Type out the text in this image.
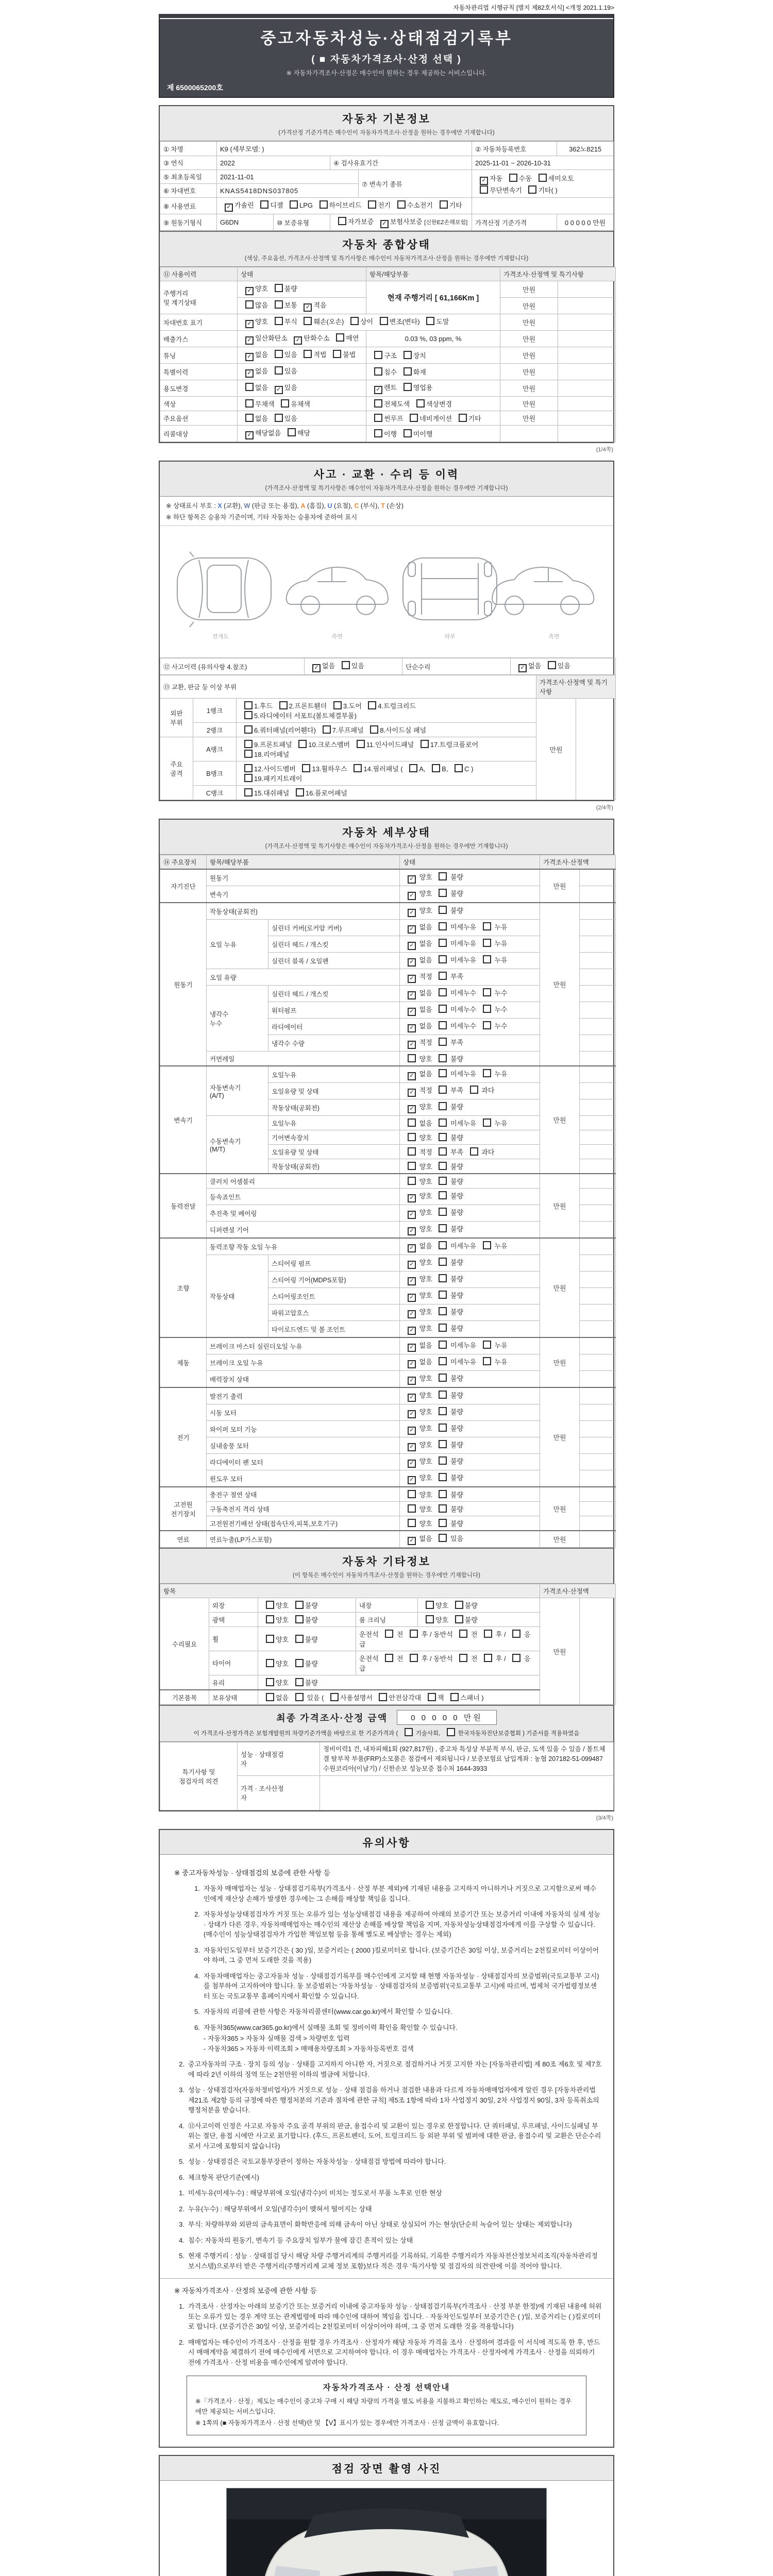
자동차관리법 시행규칙 [별지 제82호서식] <개정 2021.1.19>
중고자동차성능·상태점검기록부
( ■ 자동차가격조사·산정 선택 )
※ 자동차가격조사·산정은 매수인이 원하는 경우 제공하는 서비스입니다.
제 6500065200호
자동차 기본정보
(가격산정 기준가격은 매수인이 자동차가격조사·산정을 원하는 경우에만 기재합니다)
① 차명	K9 (세부모델: )				② 자동차등록번호	362노8215
③ 연식	2022		④ 검사유효기간		2025-11-01 ~ 2026-10-31	
⑤ 최초등록일	2021-11-01			⑦ 변속기 종류	✓ 자동 수동 세미오토
무단변속기 기타( )	

⑥ 차대번호	KNAS5418DNS037805					
⑧ 사용연료	✓ 가솔린 디젤 LPG 하이브리드 전기 수소전기 기타					
⑨ 원동기형식	G6DN	⑩ 보증유형	자가보증 ✓ 보험사보증 [신한EZ손해보험]		가격산정 기준가격	0 0 0 0 0 만원
자동차 종합상태
(색상, 주요옵션, 가격조사·산정액 및 특기사항은 매수인이 자동차가격조사·산정을 원하는 경우에만 기재합니다)
⑪ 사용이력	상태	항목/해당부품	가격조사·산정액 및 특기사항	
주행거리
및 계기상태	✓ 양호 불량	현재 주행거리 [ 61,166Km ]	만원	
	많음 보통 ✓ 적음		만원	
차대번호 표기	✓ 양호 부식 훼손(오손) 상이 변조(변타) 도말		만원	
배출가스	✓ 일산화탄소 ✓ 탄화수소 매연	0.03 %, 03 ppm, %	만원	
튜닝	✓ 없음 있음 적법 불법	구조 장치	만원	
특별이력	✓ 없음 있음	침수 화재	만원	
용도변경	없음 ✓ 있음	✓ 렌트 영업용	만원	
색상	무채색 유채색	전체도색 색상변경	만원	
주요옵션	없음 있음	썬루프 네비게이션 기타	만원	
리콜대상	✓ 해당없음 해당	이행 미이행		
(1/4쪽)
사고 · 교환 · 수리 등 이력
(가격조사·산정액 및 특기사항은 매수인이 자동차가격조사·산정을 원하는 경우에만 기재합니다)
※ 상태표시 부호 : X (교환), W (판금 또는 용접), A (흠집), U (요철), C (부식), T (손상)
※ 하단 항목은 승용차 기준이며, 기타 자동차는 승용차에 준하여 표시
전개도	측면	하부	측면
⑫ 사고이력 (유의사항 4.참조)	✓ 없음 있음	단순수리	✓ 없음 있음
⑬ 교환, 판금 등 이상 부위			가격조사·산정액 및 특기사항	
외판
부위	1랭크	1.후드 2.프론트휀더 3.도어 4.트렁크리드
5.라디에이터 서포트(볼트체결부품)	만원	
	2랭크	6.쿼터패널(리어휀다) 7.루프패널 8.사이드실 패널		
주요
골격	A랭크	9.프론트패널 10.크로스멤버 11.인사이드패널 17.트렁크플로어
18.리어패널		
	B랭크	12.사이드멤버 13.휠하우스 14.필러패널 ( A, B, C )
19.패키지트레이		
	C랭크	15.대쉬패널 16.플로어패널		
(2/4쪽)
자동차 세부상태
(가격조사·산정액 및 특기사항은 매수인이 자동차가격조사·산정을 원하는 경우에만 기재합니다)
⑭ 주요장치	항목/해당부품		상태	가격조사·산정액	
자기진단	원동기		✓ 양호  불량	만원	
	변속기		✓ 양호  불량		
원동기	작동상태(공회전)		✓ 양호  불량	만원	
	오일 누유	실린더 커버(로커암 커버)	✓ 없음  미세누유  누유		
		실린더 헤드 / 개스킷	✓ 없음  미세누유  누유		
		실린더 블록 / 오일팬	✓ 없음  미세누유  누유		
	오일 유량		✓ 적정  부족		
	냉각수
누수	실린더 헤드 / 개스킷	✓ 없음  미세누수  누수		
		워터펌프	✓ 없음  미세누수  누수		
		라디에이터	✓ 없음  미세누수  누수		
		냉각수 수량	✓ 적정  부족		
	커먼레일		양호  불량		
변속기	자동변속기
(A/T)	오일누유	✓ 없음  미세누유  누유	만원	
		오일유량 및 상태	✓ 적정  부족  과다		
		작동상태(공회전)	✓ 양호  불량		
	수동변속기
(M/T)	오일누유	없음  미세누유  누유		
		기어변속장치	양호  불량		
		오일유량 및 상태	적정  부족  과다		
		작동상태(공회전)	양호  불량		
동력전달	클러치 어셈블리		양호  불량	만원	
	등속죠인트		✓ 양호  불량		
	추진축 및 베어링		✓ 양호  불량		
	디퍼렌셜 기어		✓ 양호  불량		
조향	동력조향 작동 오일 누유		✓ 없음  미세누유  누유	만원	
	작동상태	스티어링 펌프	✓ 양호  불량		
		스티어링 기어(MDPS포함)	✓ 양호  불량		
		스티어링조인트	✓ 양호  불량		
		파워고압호스	✓ 양호  불량		
		타이로드엔드 및 볼 조인트	✓ 양호  불량		
제동	브레이크 마스터 실린더오일 누유		✓ 없음  미세누유  누유	만원	
	브레이크 오일 누유		✓ 없음  미세누유  누유		
	배력장치 상태		✓ 양호  불량		
전기	발전기 출력		✓ 양호  불량	만원	
	시동 모터		✓ 양호  불량		
	와이퍼 모터 기능		✓ 양호  불량		
	실내송풍 모터		✓ 양호  불량		
	라디에이터 팬 모터		✓ 양호  불량		
	윈도우 모터		✓ 양호  불량		
고전원
전기장치	충전구 절연 상태		양호  불량	만원	
	구동축전지 격리 상태		양호  불량		
	고전원전기배선 상태(접속단자,피복,보호기구)		양호  불량		
연료	연료누출(LP가스포함)		✓ 없음  있음	만원	
자동차 기타정보
(이 항목은 매수인이 자동차가격조사·산정을 원하는 경우에만 기재합니다)
항목					가격조사·산정액	
수리필요	외장	양호 불량	내장	양호 불량	만원	
	광택	양호 불량	룸 크리닝	양호 불량		
	휠	양호 불량	운전석  전  후 / 동반석  전  후 /  응급			
	타이어	양호 불량	운전석  전  후 / 동반석  전  후 /  응급			
	유리	양호 불량				
기본품목	보유상태	없음  있음 ( 사용설명서 안전삼각대 잭 스패너 )				
최종 가격조사·산정 금액	0 0 0 0 0 만원
이 가격조사·산정가격은 보험개발원의 차량기준가액을 바탕으로 한 기준가격과 (  기술사회,  한국자동차진단보증협회 ) 기준서를 적용하였음
특기사항 및
점검자의 의견	성능 · 상태점검
자	정비이력1 건, 내차피해1회 (927,817원) , 중고차 특성상 부분적 부식, 판금, 도색 있을 수 있음 / 볼트체결 탈부착 부품(FRP)소모품은 점검에서 제외됩니다 / 보증보험료 납입계좌 : 농협 207182-51-099487 수원코리아(이남기) / 신한손보 성능보증 접수처 1644-3933
	가격 · 조사산정
자	
(3/4쪽)
유의사항
※ 중고자동차성능 · 상태점검의 보증에 관한 사항 등
1. 자동차 매매업자는 성능 · 상태점검기록부(가격조사 · 산정 부분 제외)에 기재된 내용을 고지하지 아니하거나 거짓으로 고지함으로써 매수인에게 재산상 손해가 발생한 경우에는 그 손해를 배상할 책임을 집니다.
2. 자동차성능상태점검자가 거짓 또는 오류가 있는 성능상태점검 내용을 제공하여 아래의 보증기간 또는 보증거리 이내에 자동차의 실제 성능 · 상태가 다른 경우, 자동차매매업자는 매수인의 재산상 손해를 배상할 책임을 지며, 자동차성능상태점검자에게 이를 구상할 수 있습니다.(매수인이 성능상태점검자가 가입한 책임보험 등을 통해 별도로 배상받는 경우는 제외)
3. 자동차인도일부터 보증기간은 ( 30 )일, 보증거리는 ( 2000 )킬로미터로 합니다. (보증기간은 30일 이상, 보증거리는 2천킬로미터 이상이어야 하며, 그 중 먼저 도래한 것을 적용)
4. 자동차매매업자는 중고자동차 성능 · 상태점검기록부를 매수인에게 고지할 때 현행 자동차성능 · 상태점검자의 보증범위(국토교통부 고시)를 첨부하여 고지하여야 합니다. 동 보증범위는 '자동차성능 · 상태점검자의 보증범위'(국토교통부 고시)에 따르며, 법제처 국가법령정보센터 또는 국토교통부 홈페이지에서 확인할 수 있습니다.
5. 자동차의 리콜에 관한 사항은 자동차리콜센터(www.car.go.kr)에서 확인할 수 있습니다.
6. 자동차365(www.car365.go.kr)에서 실매물 조회 및 정비이력 확인을 확인할 수 있습니다.
- 자동차365 > 자동차 실매물 검색 > 차량번호 입력
- 자동차365 > 자동차 이력조회 > 매매용차량조회 > 자동차등록번호 검색
2. 중고자동차의 구조 · 장치 등의 성능 · 상태를 고지하지 아니한 자, 거짓으로 점검하거나 거짓 고지한 자는 [자동차관리법] 제 80조 제6호 및 제7호에 따라 2년 이하의 징역 또는 2천만원 이하의 벌금에 처합니다.
3. 성능 · 상태점검자(자동차정비업자)가 거짓으로 성능 · 상태 점검을 하거나 점검한 내용과 다르게 자동차매매업자에게 알린 경우 [자동차관리법 제21조 제2항 등의 규정에 따른 행정처분의 기준과 절차에 관한 규칙] 제5조 1항에 따라 1차 사업정지 30일, 2차 사업정지 90일, 3차 등록취소의 행정처분을 받습니다.
4. ⑫사고이력 인정은 사고로 자동차 주요 골격 부위의 판금, 용접수리 및 교환이 있는 경우로 한정합니다. 단 쿼터패널, 루프패널, 사이드실패널 부위는 절단, 용접 시에만 사고로 표기합니다. (후드, 프론트펜더, 도어, 트렁크리드 등 외판 부위 및 범퍼에 대한 판금, 용접수리 및 교환은 단순수리로서 사고에 포함되지 않습니다)
5. 성능 · 상태점검은 국토교통부장관이 정하는 자동차성능 · 상태점검 방법에 따라야 합니다.
6. 체크항목 판단기준(예시)
1. 미세누유(미세누수) : 해당부위에 오일(냉각수)이 비치는 정도로서 부품 노후로 인한 현상
2. 누유(누수) : 해당부위에서 오일(냉각수)이 맺혀서 떨어지는 상태
3. 부식: 차량하부와 외판의 금속표면이 화학반응에 의해 금속이 아닌 상태로 상실되어 가는 현상(단순히 녹슬어 있는 상태는 제외합니다)
4. 침수: 자동차의 원동기, 변속기 등 주요장치 일부가 물에 잠긴 흔적이 있는 상태
5. 현재 주행거리 : 성능 · 상태점검 당시 해당 차량 주행거리계의 주행거리를 기록하되, 기록한 주행거리가 자동차전산정보처리조직(자동차관리정보시스템)으로부터 받은 주행거리(주행거리계 교체 정보 포함)보다 적은 경우 '특기사항 및 점검자의 의견'란에 이를 적어야 합니다.
※ 자동차가격조사 · 산정의 보증에 관한 사항 등
1. 가격조사 · 산정자는 아래의 보증기간 또는 보증거리 이내에 중고자동차 성능 · 상태점검기록부(가격조사 · 산정 부분 한정)에 기재된 내용에 허위 또는 오류가 있는 경우 계약 또는 관계법령에 따라 매수인에 대하여 책임을 집니다. · 자동차인도일부터 보증기간은 ( )일, 보증거리는 ( )킬로미터로 합니다. (보증기간은 30일 이상, 보증거리는 2천킬로미터 이상이어야 하며, 그 중 먼저 도래한 것을 적용합니다)
2. 매매업자는 매수인이 가격조사 · 산정을 원할 경우 가격조사 · 산정자가 해당 자동차 가격을 조사 · 산정하여 결과를 이 서식에 적도록 한 후, 반드시 매매계약을 체결하기 전에 매수인에게 서면으로 고지하여야 합니다. 이 경우 매매업자는 가격조사 · 산정자에게 가격조사 · 산정을 의뢰하기 전에 가격조사 · 산정 비용을 매수인에게 알려야 합니다.
자동차가격조사 · 산정 선택안내
※「가격조사 · 산정」제도는 매수인이 중고차 구매 시 해당 차량의 가격을 별도 비용을 지불하고 확인하는 제도로, 매수인이 원하는 경우에만 제공되는 서비스입니다.
※ 1쪽의 (■ 자동차가격조사 · 산정 선택)란 및 【V】표시가 있는 경우에만 가격조사 · 산정 금액이 유효합니다.
점검 장면 촬영 사진
